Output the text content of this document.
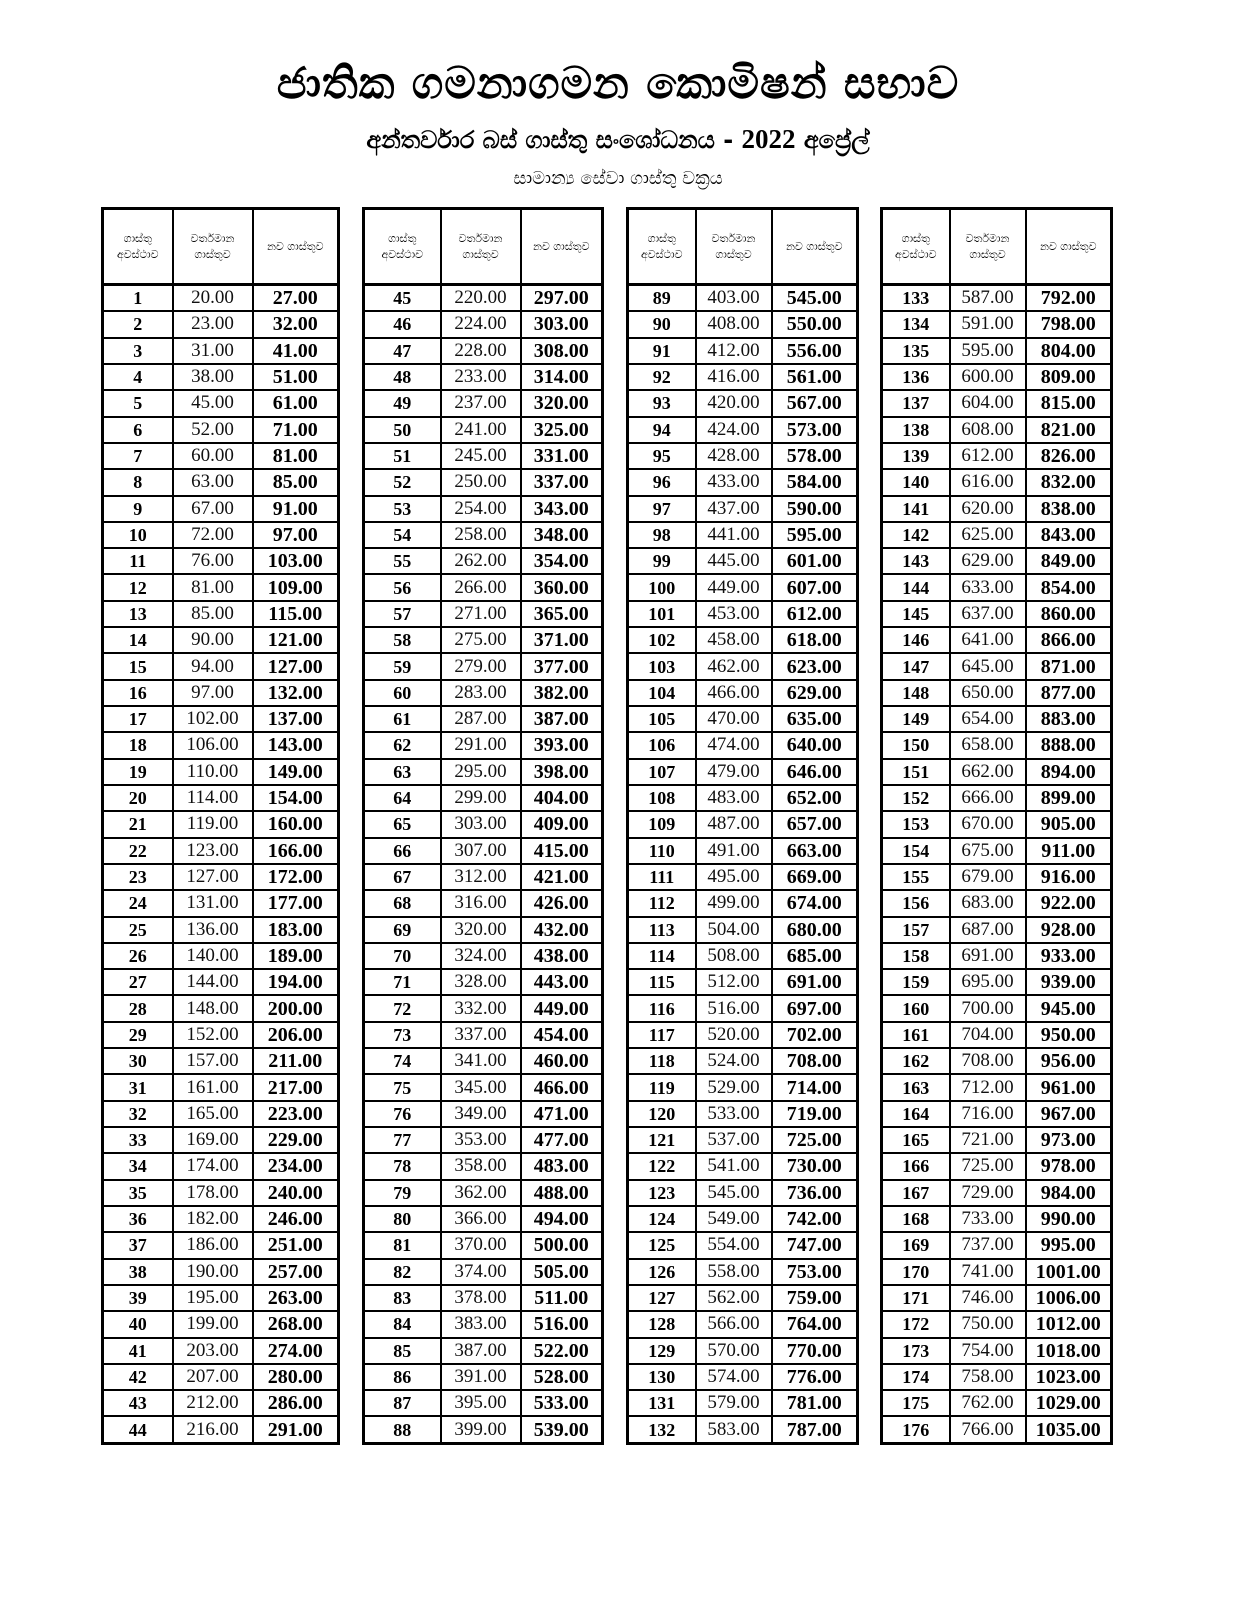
ජාතික ගමනාගමන කොමිෂන් සභාව
අන්තර්වාර බස් ගාස්තු සංශෝධනය - 2022 අප්‍රේල්
සාමාන්‍ය සේවා ගාස්තු වක්‍රය
ගාස්තු අවස්ථාව	වර්තමාන ගාස්තුව	නව ගාස්තුව
1	20.00	27.00
2	23.00	32.00
3	31.00	41.00
4	38.00	51.00
5	45.00	61.00
6	52.00	71.00
7	60.00	81.00
8	63.00	85.00
9	67.00	91.00
10	72.00	97.00
11	76.00	103.00
12	81.00	109.00
13	85.00	115.00
14	90.00	121.00
15	94.00	127.00
16	97.00	132.00
17	102.00	137.00
18	106.00	143.00
19	110.00	149.00
20	114.00	154.00
21	119.00	160.00
22	123.00	166.00
23	127.00	172.00
24	131.00	177.00
25	136.00	183.00
26	140.00	189.00
27	144.00	194.00
28	148.00	200.00
29	152.00	206.00
30	157.00	211.00
31	161.00	217.00
32	165.00	223.00
33	169.00	229.00
34	174.00	234.00
35	178.00	240.00
36	182.00	246.00
37	186.00	251.00
38	190.00	257.00
39	195.00	263.00
40	199.00	268.00
41	203.00	274.00
42	207.00	280.00
43	212.00	286.00
44	216.00	291.00
ගාස්තු අවස්ථාව	වර්තමාන ගාස්තුව	නව ගාස්තුව
45	220.00	297.00
46	224.00	303.00
47	228.00	308.00
48	233.00	314.00
49	237.00	320.00
50	241.00	325.00
51	245.00	331.00
52	250.00	337.00
53	254.00	343.00
54	258.00	348.00
55	262.00	354.00
56	266.00	360.00
57	271.00	365.00
58	275.00	371.00
59	279.00	377.00
60	283.00	382.00
61	287.00	387.00
62	291.00	393.00
63	295.00	398.00
64	299.00	404.00
65	303.00	409.00
66	307.00	415.00
67	312.00	421.00
68	316.00	426.00
69	320.00	432.00
70	324.00	438.00
71	328.00	443.00
72	332.00	449.00
73	337.00	454.00
74	341.00	460.00
75	345.00	466.00
76	349.00	471.00
77	353.00	477.00
78	358.00	483.00
79	362.00	488.00
80	366.00	494.00
81	370.00	500.00
82	374.00	505.00
83	378.00	511.00
84	383.00	516.00
85	387.00	522.00
86	391.00	528.00
87	395.00	533.00
88	399.00	539.00
ගාස්තු අවස්ථාව	වර්තමාන ගාස්තුව	නව ගාස්තුව
89	403.00	545.00
90	408.00	550.00
91	412.00	556.00
92	416.00	561.00
93	420.00	567.00
94	424.00	573.00
95	428.00	578.00
96	433.00	584.00
97	437.00	590.00
98	441.00	595.00
99	445.00	601.00
100	449.00	607.00
101	453.00	612.00
102	458.00	618.00
103	462.00	623.00
104	466.00	629.00
105	470.00	635.00
106	474.00	640.00
107	479.00	646.00
108	483.00	652.00
109	487.00	657.00
110	491.00	663.00
111	495.00	669.00
112	499.00	674.00
113	504.00	680.00
114	508.00	685.00
115	512.00	691.00
116	516.00	697.00
117	520.00	702.00
118	524.00	708.00
119	529.00	714.00
120	533.00	719.00
121	537.00	725.00
122	541.00	730.00
123	545.00	736.00
124	549.00	742.00
125	554.00	747.00
126	558.00	753.00
127	562.00	759.00
128	566.00	764.00
129	570.00	770.00
130	574.00	776.00
131	579.00	781.00
132	583.00	787.00
ගාස්තු අවස්ථාව	වර්තමාන ගාස්තුව	නව ගාස්තුව
133	587.00	792.00
134	591.00	798.00
135	595.00	804.00
136	600.00	809.00
137	604.00	815.00
138	608.00	821.00
139	612.00	826.00
140	616.00	832.00
141	620.00	838.00
142	625.00	843.00
143	629.00	849.00
144	633.00	854.00
145	637.00	860.00
146	641.00	866.00
147	645.00	871.00
148	650.00	877.00
149	654.00	883.00
150	658.00	888.00
151	662.00	894.00
152	666.00	899.00
153	670.00	905.00
154	675.00	911.00
155	679.00	916.00
156	683.00	922.00
157	687.00	928.00
158	691.00	933.00
159	695.00	939.00
160	700.00	945.00
161	704.00	950.00
162	708.00	956.00
163	712.00	961.00
164	716.00	967.00
165	721.00	973.00
166	725.00	978.00
167	729.00	984.00
168	733.00	990.00
169	737.00	995.00
170	741.00	1001.00
171	746.00	1006.00
172	750.00	1012.00
173	754.00	1018.00
174	758.00	1023.00
175	762.00	1029.00
176	766.00	1035.00
